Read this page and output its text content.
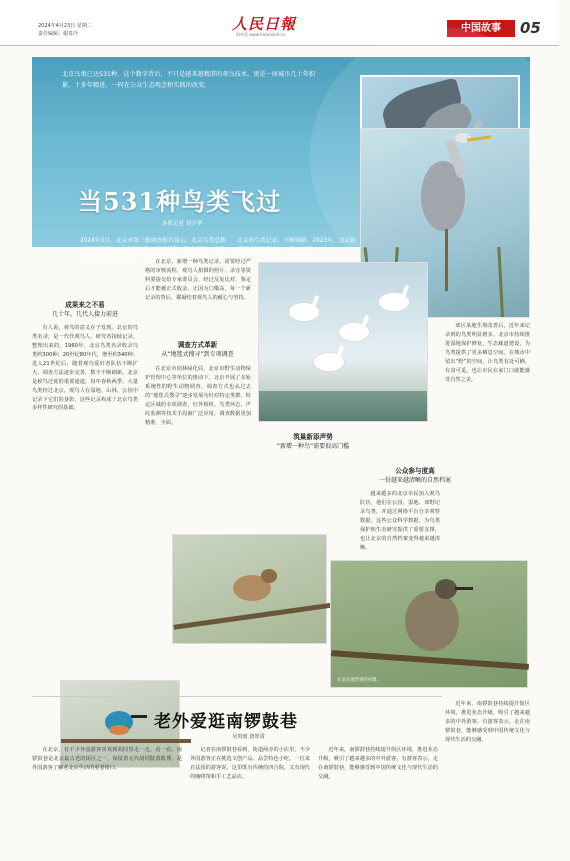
2024年4月23日 星期二
责任编辑：谢泉玲
人民日報
海外版 www.haiwainet.cn
中国故事	05
北京鸟类已达531种，这个数字背后，不只是越来越精湛的观鸟技术，更是一座城市几十年积累、十多年精进、一同在公众生态观念和实践的改变。
当531种鸟类飞过
本报记者 刘少华
2024年3月，北京市第三批调查报告显示，北京鸟类总数已增至531种，在各国首都中名列前茅。数十年间，北京从鸟类记录不足300种，增长到……
北京的鸟类记录，不断刷新。2023年，北京新增记录的鸟类有……种。这些……
成果来之不易
几十年，几代人接力前进

有人说，观鸟的意义在于发现。北京的鸟类名录，是一代代观鸟人、研究者接续记录、整理出来的。1960年，北京鸟类名录收录鸟类约300种；20世纪80年代，增至约340种；进入21世纪后，随着观鸟爱好者队伍不断扩大、调查方法逐步完善，数字不断刷新。北京是候鸟迁徙的重要通道，每年春秋两季，大量鸟类经过北京。观鸟人在湿地、山林、公园中记录下它们的身影，这些记录构成了北京鸟类多样性研究的基础。

调查方式革新
从“地毯式搜寻”到专项调查

在北京，新增一种鸟类记录，需要经过严格的审核流程。观鸟人拍摄的照片、录音等资料要提交给专家委员会，经过反复比对、鉴定后才能被正式收录。正因为门槛高，每一个新记录的背后，都凝结着观鸟人的耐心与坚持。

在北京市园林绿化局、北京市野生动物保护管理中心等单位的推动下，北京开展了多轮系统性的野生动物调查。调查方式也从过去的“地毯式搜寻”逐步发展为针对特定类群、特定区域的专项调查，红外相机、鸟类环志、声纹监测等技术手段被广泛应用，调查数据更加精准、全面。

筑巢新添声势
“新增一种鸟”需要很高门槛
公众参与度高
一份越来越清晰的自然档案

越来越多的北京市民加入观鸟队伍，他们在公园、湿地、郊野记录鸟类，并通过网络平台分享观察数据。这些公众科学数据，为鸟类保护和生态研究提供了重要支撑，也让北京的自然档案变得越来越清晰。

郊区某地生境改善后，近年来记录到的鸟类明显增多。北京市持续推进湿地保护修复、生态廊道建设，为鸟类提供了更多栖息空间。在城市中留出“野”的空间，让鸟类有处可栖、有食可觅，也让市民在家门口就能感受自然之美。

在北京观察到的夜鹭。

近年来，南锣鼓巷持续提升街区环境，推进业态升级，吸引了越来越多的中外游客。有游客表示，走在南锣鼓巷，能够感受到中国传统文化与现代生活的交融。

老外爱逛南锣鼓巷
吴贵雨 唐彤霄

在北京，有不少外国游客喜欢到胡同里走一走、看一看。南锣鼓巷是北京最古老的街区之一，保留着元代胡同院落肌理，是外国游客了解老北京生活的重要窗口。

记者在南锣鼓巷看到，街道两旁的小店里，不少外国游客正在挑选文创产品、品尝特色小吃。一位来自法国的游客说，这里既有传统的四合院，又有现代的咖啡馆和手工艺品店。

近年来，南锣鼓巷持续提升街区环境，推进业态升级，吸引了越来越多的中外游客。有游客表示，走在南锣鼓巷，能够感受到中国传统文化与现代生活的交融。
